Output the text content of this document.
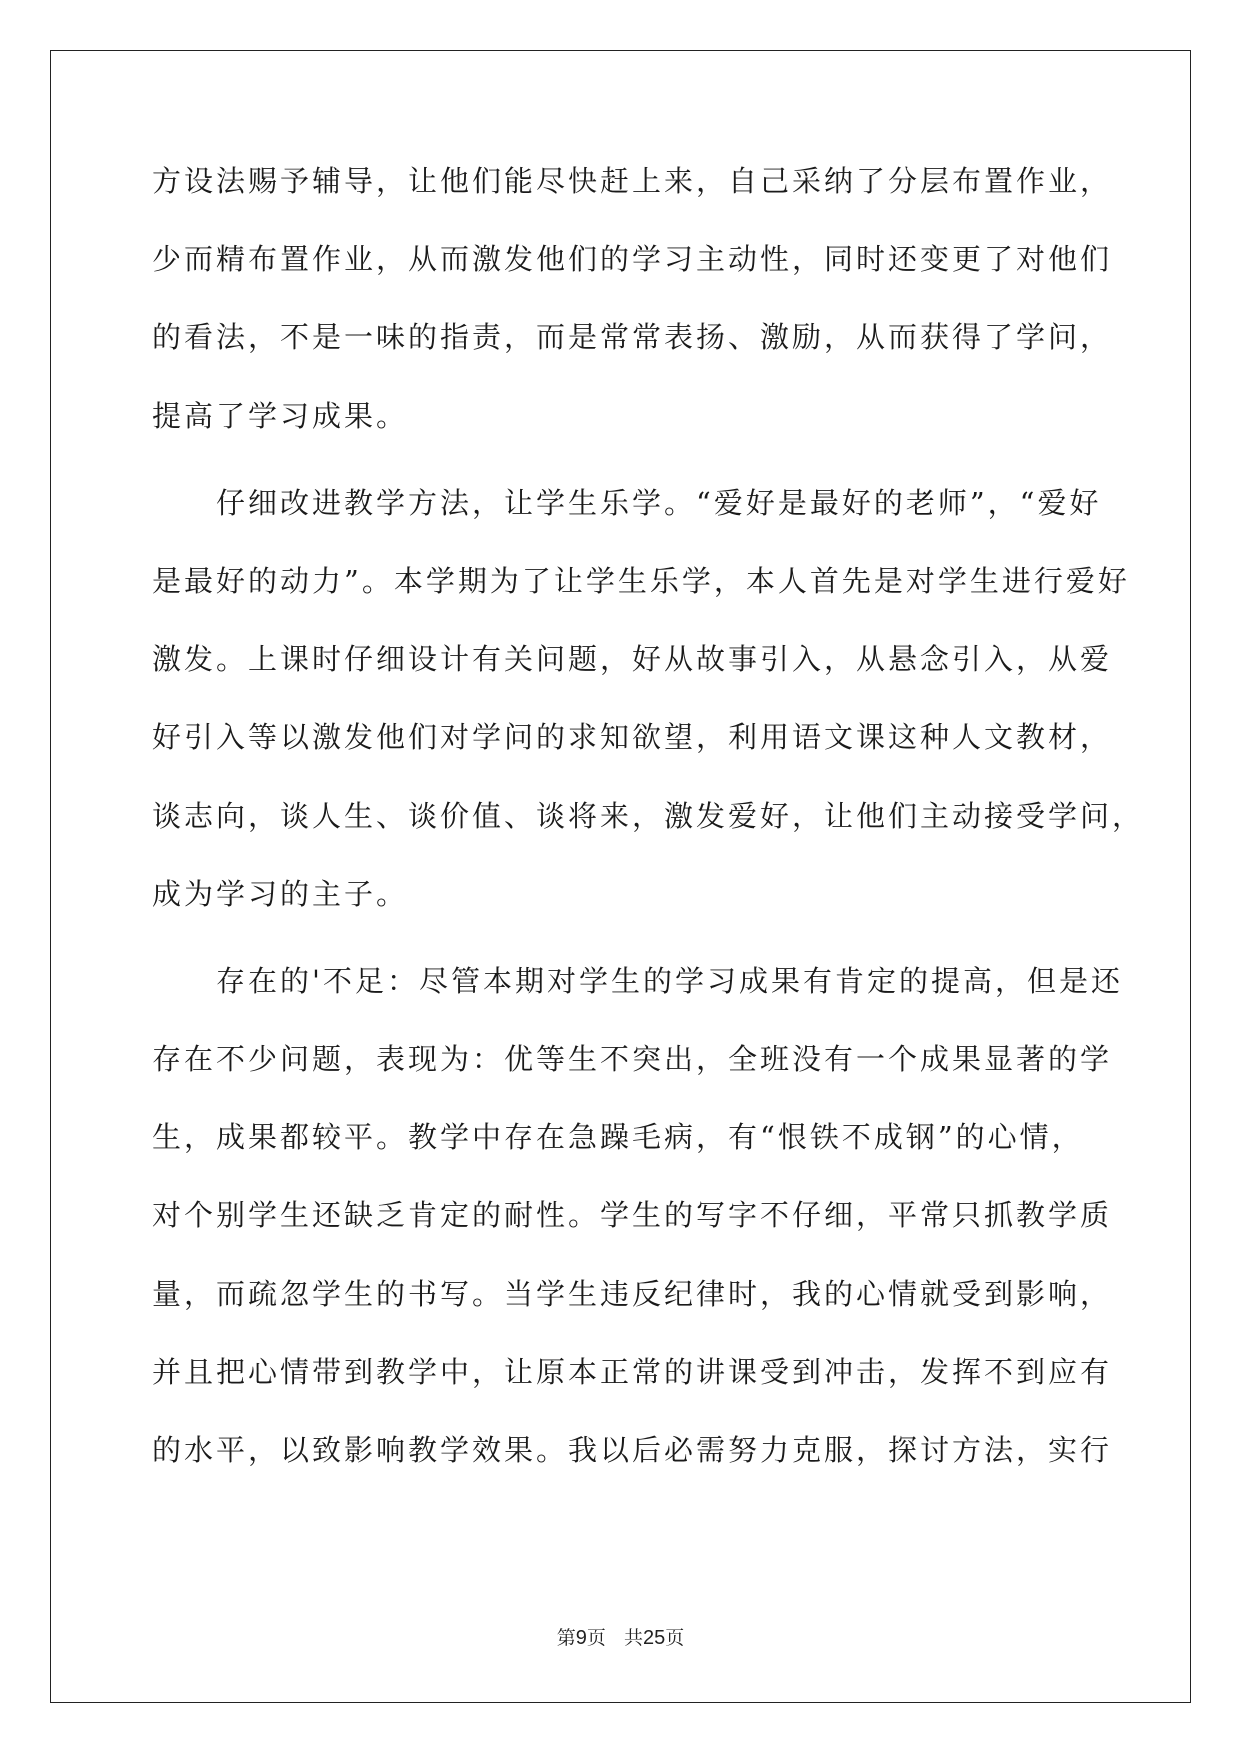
方设法赐予辅导，让他们能尽快赶上来，自己采纳了分层布置作业，
少而精布置作业，从而激发他们的学习主动性，同时还变更了对他们
的看法，不是一味的指责，而是常常表扬、激励，从而获得了学问，
提高了学习成果。
仔细改进教学方法，让学生乐学。“爱好是最好的老师”，“爱好
是最好的动力”。本学期为了让学生乐学，本人首先是对学生进行爱好
激发。上课时仔细设计有关问题，好从故事引入，从悬念引入，从爱
好引入等以激发他们对学问的求知欲望，利用语文课这种人文教材，
谈志向，谈人生、谈价值、谈将来，激发爱好，让他们主动接受学问，
成为学习的主子。
存在的'不足：尽管本期对学生的学习成果有肯定的提高，但是还
存在不少问题，表现为：优等生不突出，全班没有一个成果显著的学
生，成果都较平。教学中存在急躁毛病，有“恨铁不成钢”的心情，
对个别学生还缺乏肯定的耐性。学生的写字不仔细，平常只抓教学质
量，而疏忽学生的书写。当学生违反纪律时，我的心情就受到影响，
并且把心情带到教学中，让原本正常的讲课受到冲击，发挥不到应有
的水平，以致影响教学效果。我以后必需努力克服，探讨方法，实行
第9页 共25页
